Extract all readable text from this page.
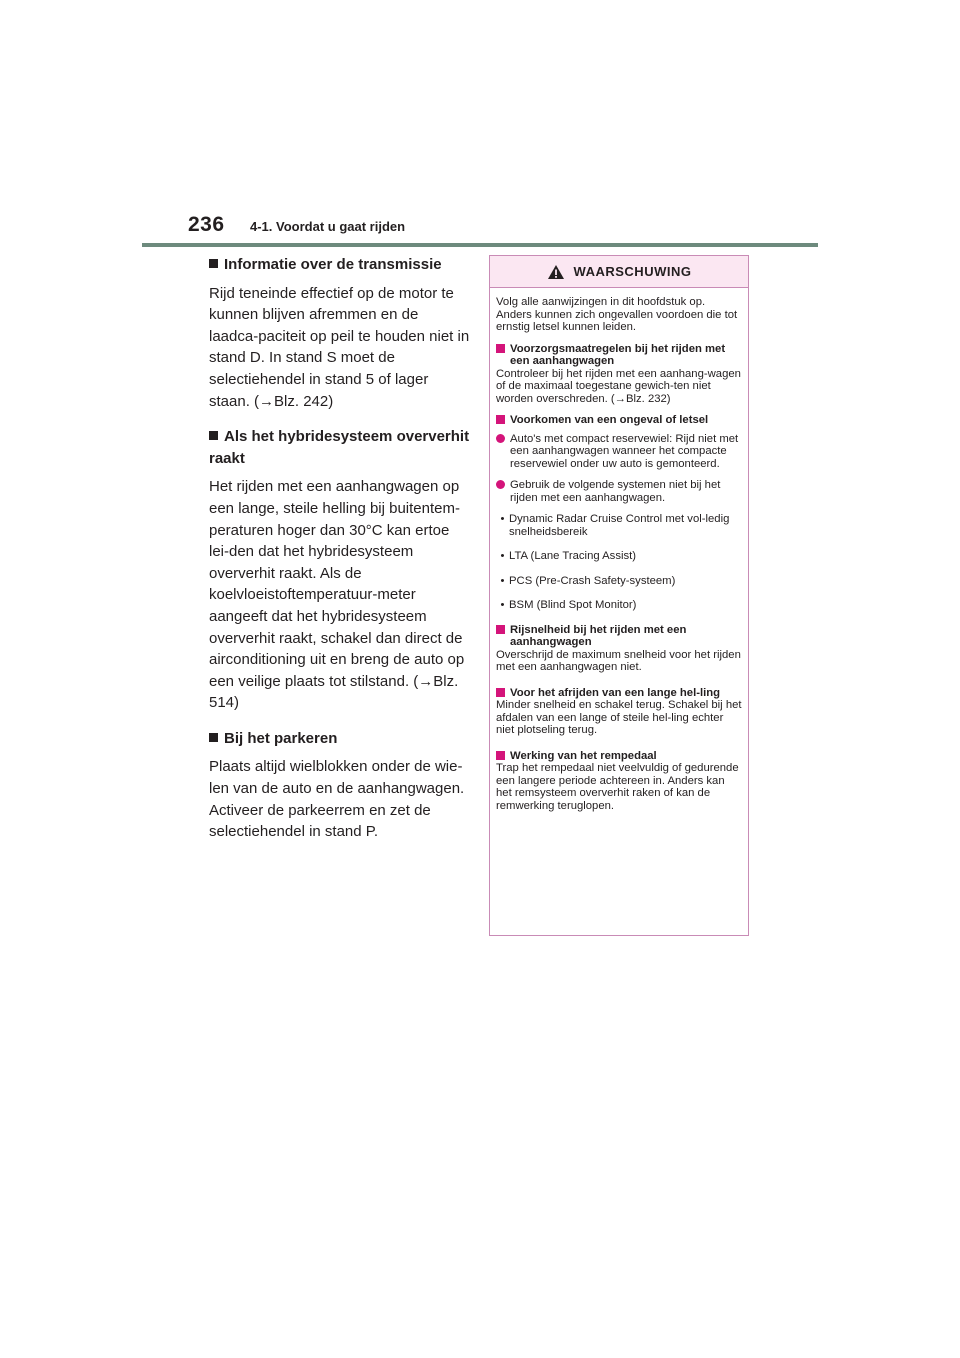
236 4-1. Voordat u gaat rijden

Informatie over de transmissie

Rijd teneinde effectief op de motor te kunnen blijven afremmen en de laadca-paciteit op peil te houden niet in stand D. In stand S moet de selectiehendel in stand 5 of lager staan. (→Blz. 242)

Als het hybridesysteem oververhit raakt

Het rijden met een aanhangwagen op een lange, steile helling bij buitentem-peraturen hoger dan 30°C kan ertoe lei-den dat het hybridesysteem oververhit raakt. Als de koelvloeistoftemperatuur-meter aangeeft dat het hybridesysteem oververhit raakt, schakel dan direct de airconditioning uit en breng de auto op een veilige plaats tot stilstand. (→Blz. 514)

Bij het parkeren

Plaats altijd wielblokken onder de wie-len van de auto en de aanhangwagen. Activeer de parkeerrem en zet de selectiehendel in stand P.

WAARSCHUWING

Volg alle aanwijzingen in dit hoofdstuk op. Anders kunnen zich ongevallen voordoen die tot ernstig letsel kunnen leiden.

Voorzorgsmaatregelen bij het rijden met een aanhangwagen
Controleer bij het rijden met een aanhang-wagen of de maximaal toegestane gewich-ten niet worden overschreden. (→Blz. 232)
Voorkomen van een ongeval of letsel
Auto's met compact reservewiel: Rijd niet met een aanhangwagen wanneer het compacte reservewiel onder uw auto is gemonteerd.
Gebruik de volgende systemen niet bij het rijden met een aanhangwagen.
• Dynamic Radar Cruise Control met vol-ledig snelheidsbereik
• LTA (Lane Tracing Assist)
• PCS (Pre-Crash Safety-systeem)
• BSM (Blind Spot Monitor)
Rijsnelheid bij het rijden met een aanhangwagen
Overschrijd de maximum snelheid voor het rijden met een aanhangwagen niet.
Voor het afrijden van een lange hel-ling
Minder snelheid en schakel terug. Schakel bij het afdalen van een lange of steile hel-ling echter niet plotseling terug.
Werking van het rempedaal
Trap het rempedaal niet veelvuldig of gedurende een langere periode achtereen in. Anders kan het remsysteem oververhit raken of kan de remwerking teruglopen.
